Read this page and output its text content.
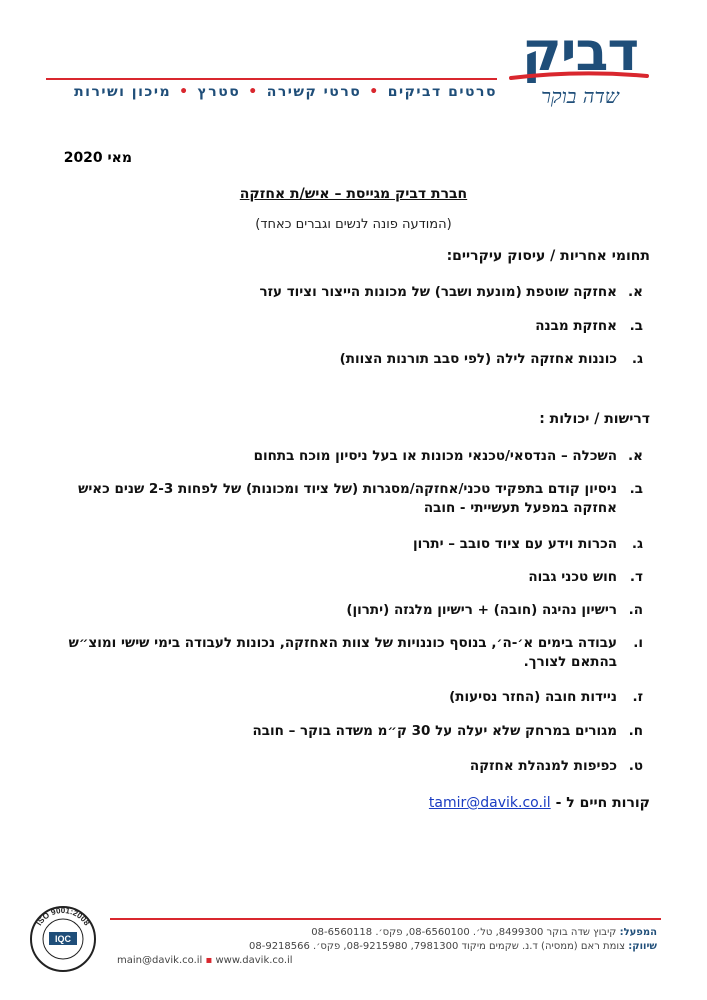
דביק
שדה בוקר
סרטים דביקים•סרטי קשירה•סטרץ•מיכון ושירות
מאי 2020
חברת דביק מגייסת – איש/ת אחזקה
(המודעה פונה לנשים וגברים כאחד)
תחומי אחריות / עיסוק עיקריים:
א.
אחזקה שוטפת (מונעת ושבר) של מכונות הייצור וציוד עזר
ב.
אחזקת מבנה
ג.
כוננות אחזקה לילה (לפי סבב תורנות הצוות)
דרישות / יכולות :
א.
השכלה – הנדסאי/טכנאי מכונות או בעל ניסיון מוכח בתחום
ב.
ניסיון קודם בתפקיד טכני/אחזקה/מסגרות (של ציוד ומכונות) של לפחות 2-3 שנים כאיש אחזקה במפעל תעשייתי - חובה
ג.
הכרות וידע עם ציוד סובב – יתרון
ד.
חוש טכני גבוה
ה.
רישיון נהיגה (חובה) + רישיון מלגזה (יתרון)
ו.
עבודה בימים א׳-ה׳, בנוסף כוננויות של צוות האחזקה, נכונות לעבודה בימי שישי ומוצ״ש בהתאם לצורך.
ז.
ניידות חובה (החזר נסיעות)
ח.
מגורים במרחק שלא יעלה על 30 ק״מ משדה בוקר – חובה
ט.
כפיפות למנהלת אחזקה
קורות חיים ל - tamir@davik.co.il
IQC
ISO 9001:2008
המפעל: קיבוץ שדה בוקר 8499300, טל׳. 08-6560100, פקס׳. 08-6560118
שיווק: צומת ראם (ממסיה) ד.נ. שקמים מיקוד 7981300, 08-9215980, פקס׳. 08-9218566
main@davik.co.il ▪ www.davik.co.il
